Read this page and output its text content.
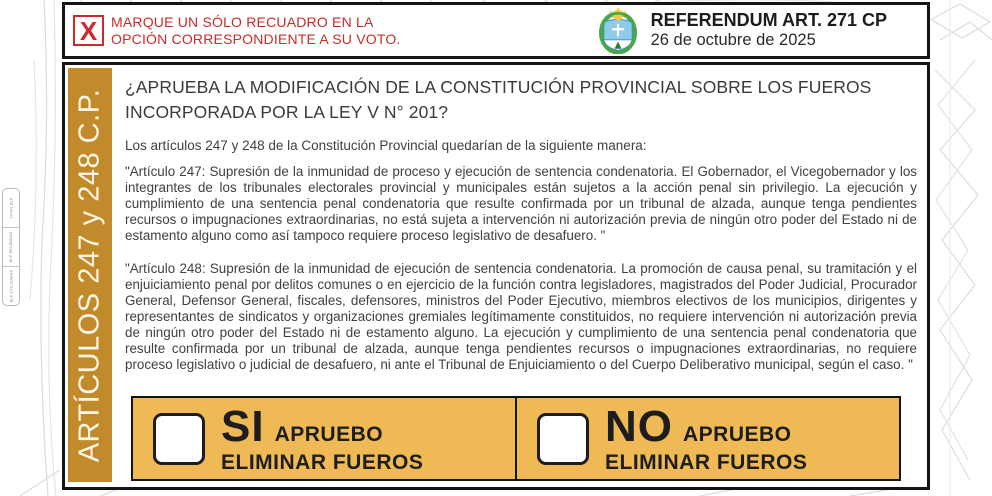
TOTAL BLP
BLP RECIBIDAS
BLP UTILIZADAS
X MARQUE UN SÓLO RECUADRO EN LA
OPCIÓN CORRESPONDIENTE A SU VOTO.
REFERENDUM ART. 271 CP
26 de octubre de 2025
ARTÍCULOS 247 y 248 C.P.
¿APRUEBA LA MODIFICACIÓN DE LA CONSTITUCIÓN PROVINCIAL SOBRE LOS FUEROS INCORPORADA POR LA LEY V N° 201?
Los artículos 247 y 248 de la Constitución Provincial quedarían de la siguiente manera:
"Artículo 247: Supresión de la inmunidad de proceso y ejecución de sentencia condenatoria. El Gobernador, el Vicegobernador y los integrantes de los tribunales electorales provincial y municipales están sujetos a la acción penal sin privilegio. La ejecución y cumplimiento de una sentencia penal condenatoria que resulte confirmada por un tribunal de alzada, aunque tenga pendientes recursos o impugnaciones extraordinarias, no está sujeta a intervención ni autorización previa de ningún otro poder del Estado ni de estamento alguno como así tampoco requiere proceso legislativo de desafuero. "
"Artículo 248: Supresión de la inmunidad de ejecución de sentencia condenatoria. La promoción de causa penal, su tramitación y el enjuiciamiento penal por delitos comunes o en ejercicio de la función contra legisladores, magistrados del Poder Judicial, Procurador General, Defensor General, fiscales, defensores, ministros del Poder Ejecutivo, miembros electivos de los municipios, dirigentes y representantes de sindicatos y organizaciones gremiales legítimamente constituidos, no requiere intervención ni autorización previa de ningún otro poder del Estado ni de estamento alguno. La ejecución y cumplimiento de una sentencia penal condenatoria que resulte confirmada por un tribunal de alzada, aunque tenga pendientes recursos o impugnaciones extraordinarias, no requiere proceso legislativo o judicial de desafuero, ni ante el Tribunal de Enjuiciamiento o del Cuerpo Deliberativo municipal, según el caso. "
SI APRUEBO
ELIMINAR FUEROS
NO APRUEBO
ELIMINAR FUEROS
